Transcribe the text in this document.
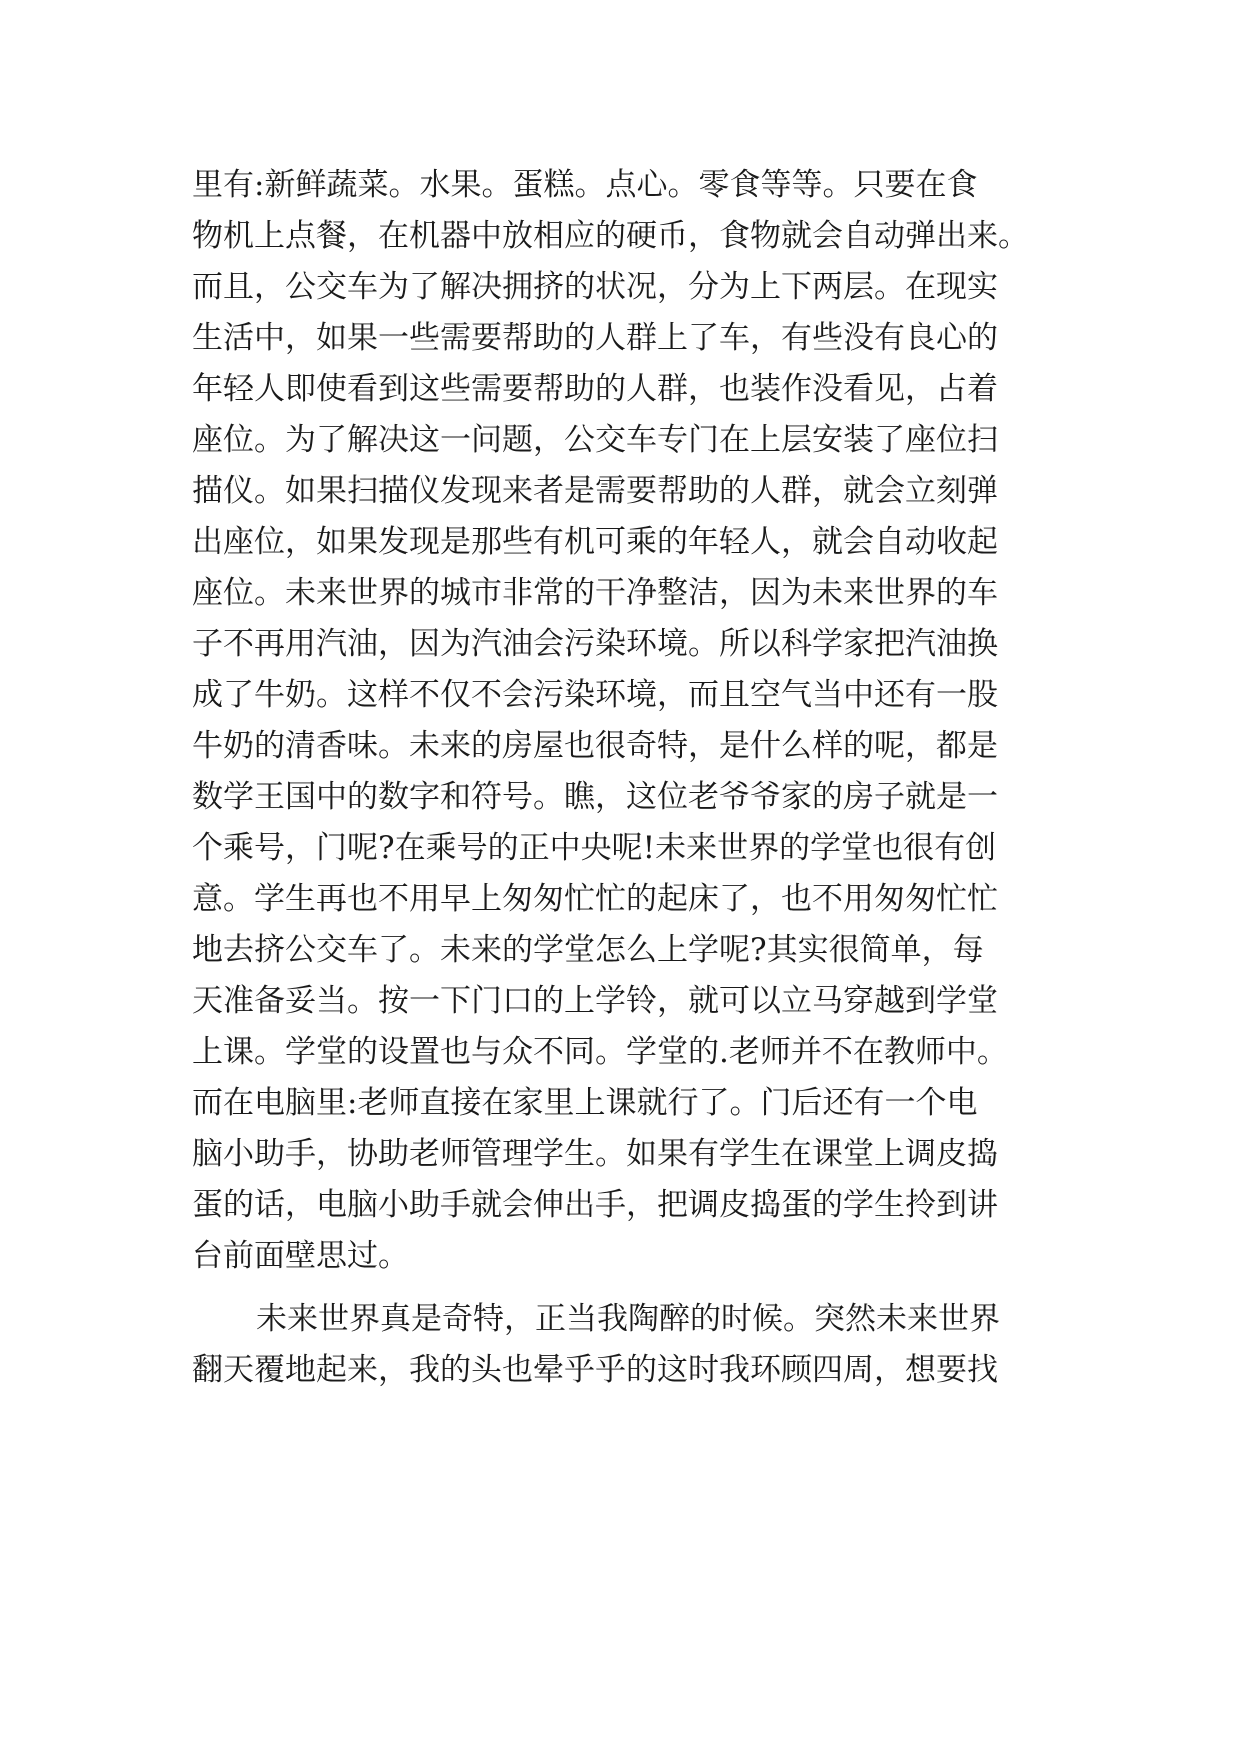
里有:新鲜蔬菜。水果。蛋糕。点心。零食等等。只要在食
物机上点餐，在机器中放相应的硬币，食物就会自动弹出来。
而且，公交车为了解决拥挤的状况，分为上下两层。在现实
生活中，如果一些需要帮助的人群上了车，有些没有良心的
年轻人即使看到这些需要帮助的人群，也装作没看见，占着
座位。为了解决这一问题，公交车专门在上层安装了座位扫
描仪。如果扫描仪发现来者是需要帮助的人群，就会立刻弹
出座位，如果发现是那些有机可乘的年轻人，就会自动收起
座位。未来世界的城市非常的干净整洁，因为未来世界的车
子不再用汽油，因为汽油会污染环境。所以科学家把汽油换
成了牛奶。这样不仅不会污染环境，而且空气当中还有一股
牛奶的清香味。未来的房屋也很奇特，是什么样的呢，都是
数学王国中的数字和符号。瞧，这位老爷爷家的房子就是一
个乘号，门呢?在乘号的正中央呢!未来世界的学堂也很有创
意。学生再也不用早上匆匆忙忙的起床了，也不用匆匆忙忙
地去挤公交车了。未来的学堂怎么上学呢?其实很简单，每
天准备妥当。按一下门口的上学铃，就可以立马穿越到学堂
上课。学堂的设置也与众不同。学堂的.老师并不在教师中。
而在电脑里:老师直接在家里上课就行了。门后还有一个电
脑小助手，协助老师管理学生。如果有学生在课堂上调皮捣
蛋的话，电脑小助手就会伸出手，把调皮捣蛋的学生拎到讲
台前面壁思过。
未来世界真是奇特，正当我陶醉的时候。突然未来世界
翻天覆地起来，我的头也晕乎乎的这时我环顾四周，想要找
